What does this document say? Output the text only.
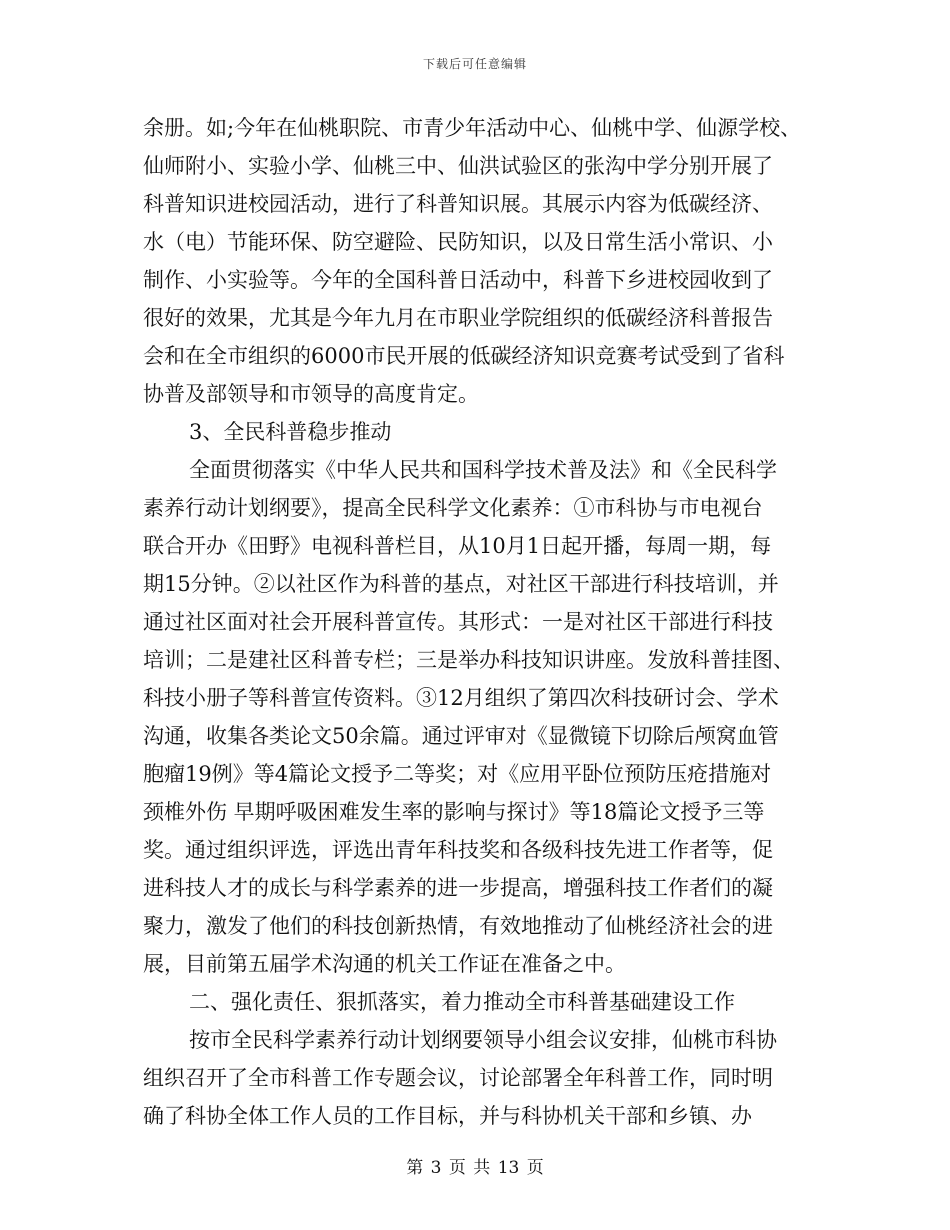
下载后可任意编辑
余册。如;今年在仙桃职院、市青少年活动中心、仙桃中学、仙源学校、
仙师附小、实验小学、仙桃三中、仙洪试验区的张沟中学分别开展了
科普知识进校园活动，进行了科普知识展。其展示内容为低碳经济、
水（电）节能环保、防空避险、民防知识，以及日常生活小常识、小
制作、小实验等。今年的全国科普日活动中，科普下乡进校园收到了
很好的效果，尤其是今年九月在市职业学院组织的低碳经济科普报告
会和在全市组织的6000市民开展的低碳经济知识竞赛考试受到了省科
协普及部领导和市领导的高度肯定。
3、全民科普稳步推动
全面贯彻落实《中华人民共和国科学技术普及法》和《全民科学
素养行动计划纲要》，提高全民科学文化素养：①市科协与市电视台
联合开办《田野》电视科普栏目，从10月1日起开播，每周一期，每
期15分钟。②以社区作为科普的基点，对社区干部进行科技培训，并
通过社区面对社会开展科普宣传。其形式：一是对社区干部进行科技
培训；二是建社区科普专栏；三是举办科技知识讲座。发放科普挂图、
科技小册子等科普宣传资料。③12月组织了第四次科技研讨会、学术
沟通，收集各类论文50余篇。通过评审对《显微镜下切除后颅窝血管
胞瘤19例》等4篇论文授予二等奖；对《应用平卧位预防压疮措施对
颈椎外伤 早期呼吸困难发生率的影响与探讨》等18篇论文授予三等
奖。通过组织评选，评选出青年科技奖和各级科技先进工作者等，促
进科技人才的成长与科学素养的进一步提高，增强科技工作者们的凝
聚力，激发了他们的科技创新热情，有效地推动了仙桃经济社会的进
展，目前第五届学术沟通的机关工作证在准备之中。
二、强化责任、狠抓落实，着力推动全市科普基础建设工作
按市全民科学素养行动计划纲要领导小组会议安排，仙桃市科协
组织召开了全市科普工作专题会议，讨论部署全年科普工作，同时明
确了科协全体工作人员的工作目标，并与科协机关干部和乡镇、办
第 3 页 共 13 页
